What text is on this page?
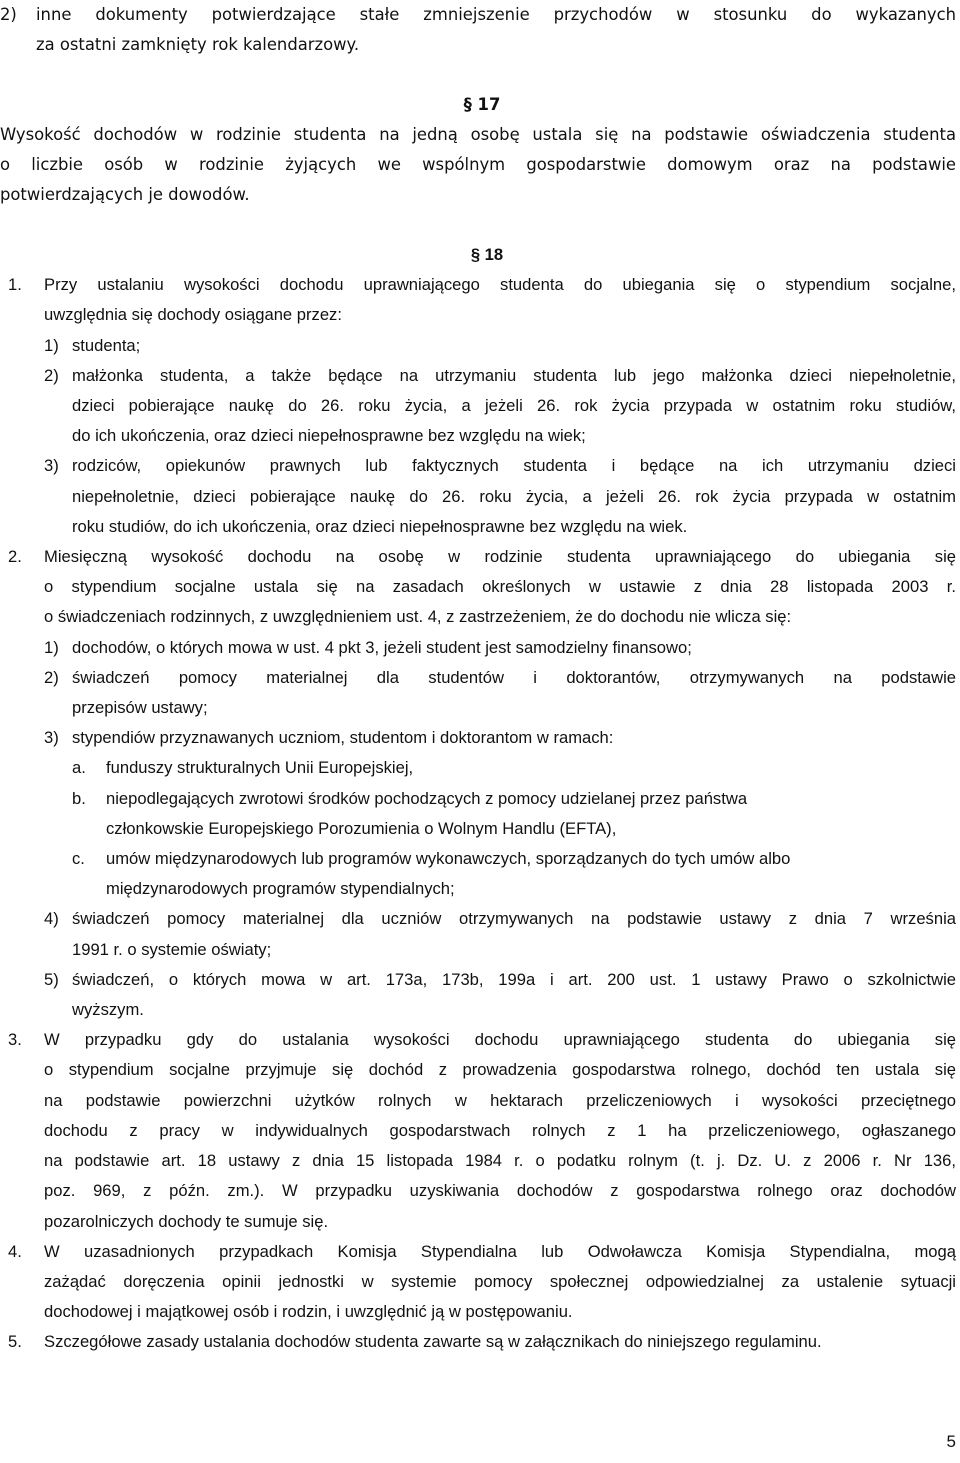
2)	inne dokumenty potwierdzające stałe zmniejszenie przychodów w stosunku do wykazanych
za ostatni zamknięty rok kalendarzowy.
§ 17
Wysokość dochodów w rodzinie studenta na jedną osobę ustala się na podstawie oświadczenia studenta
o liczbie osób w rodzinie żyjących we wspólnym gospodarstwie domowym oraz na podstawie
potwierdzających je dowodów.
§ 18
1.	Przy ustalaniu wysokości dochodu uprawniającego studenta do ubiegania się o stypendium socjalne,
uwzględnia się dochody osiągane przez:
1) studenta;
2) małżonka studenta, a także będące na utrzymaniu studenta lub jego małżonka dzieci niepełnoletnie,
dzieci pobierające naukę do 26. roku życia, a jeżeli 26. rok życia przypada w ostatnim roku studiów,
do ich ukończenia, oraz dzieci niepełnosprawne bez względu na wiek;
3) rodziców, opiekunów prawnych lub faktycznych studenta i będące na ich utrzymaniu dzieci
niepełnoletnie, dzieci pobierające naukę do 26. roku życia, a jeżeli 26. rok życia przypada w ostatnim
roku studiów, do ich ukończenia, oraz dzieci niepełnosprawne bez względu na wiek.
2.	Miesięczną wysokość dochodu na osobę w rodzinie studenta uprawniającego do ubiegania się
o stypendium socjalne ustala się na zasadach określonych w ustawie z dnia 28 listopada 2003 r.
o świadczeniach rodzinnych, z uwzględnieniem ust. 4, z zastrzeżeniem, że do dochodu nie wlicza się:
1) dochodów, o których mowa w ust. 4 pkt 3, jeżeli student jest samodzielny finansowo;
2) świadczeń pomocy materialnej dla studentów i doktorantów, otrzymywanych na podstawie
przepisów ustawy;
3) stypendiów przyznawanych uczniom, studentom i doktorantom w ramach:
a.	funduszy strukturalnych Unii Europejskiej,
b.	niepodlegających zwrotowi środków pochodzących z pomocy udzielanej przez państwa
członkowskie Europejskiego Porozumienia o Wolnym Handlu (EFTA),
c.	umów międzynarodowych lub programów wykonawczych, sporządzanych do tych umów albo
międzynarodowych programów stypendialnych;
4) świadczeń pomocy materialnej dla uczniów otrzymywanych na podstawie ustawy z dnia 7 września
1991 r. o systemie oświaty;
5) świadczeń, o których mowa w art. 173a, 173b, 199a i art. 200 ust. 1 ustawy Prawo o szkolnictwie
wyższym.
3.	W przypadku gdy do ustalania wysokości dochodu uprawniającego studenta do ubiegania się
o stypendium socjalne przyjmuje się dochód z prowadzenia gospodarstwa rolnego, dochód ten ustala się
na podstawie powierzchni użytków rolnych w hektarach przeliczeniowych i wysokości przeciętnego
dochodu z pracy w indywidualnych gospodarstwach rolnych z 1 ha przeliczeniowego, ogłaszanego
na podstawie art. 18 ustawy z dnia 15 listopada 1984 r. o podatku rolnym (t. j. Dz. U. z 2006 r. Nr 136,
poz. 969, z późn. zm.). W przypadku uzyskiwania dochodów z gospodarstwa rolnego oraz dochodów
pozarolniczych dochody te sumuje się.
4.	W uzasadnionych przypadkach Komisja Stypendialna lub Odwoławcza Komisja Stypendialna, mogą
zażądać doręczenia opinii jednostki w systemie pomocy społecznej odpowiedzialnej za ustalenie sytuacji
dochodowej i majątkowej osób i rodzin, i uwzględnić ją w postępowaniu.
5.	Szczegółowe zasady ustalania dochodów studenta zawarte są w załącznikach do niniejszego regulaminu.
5
